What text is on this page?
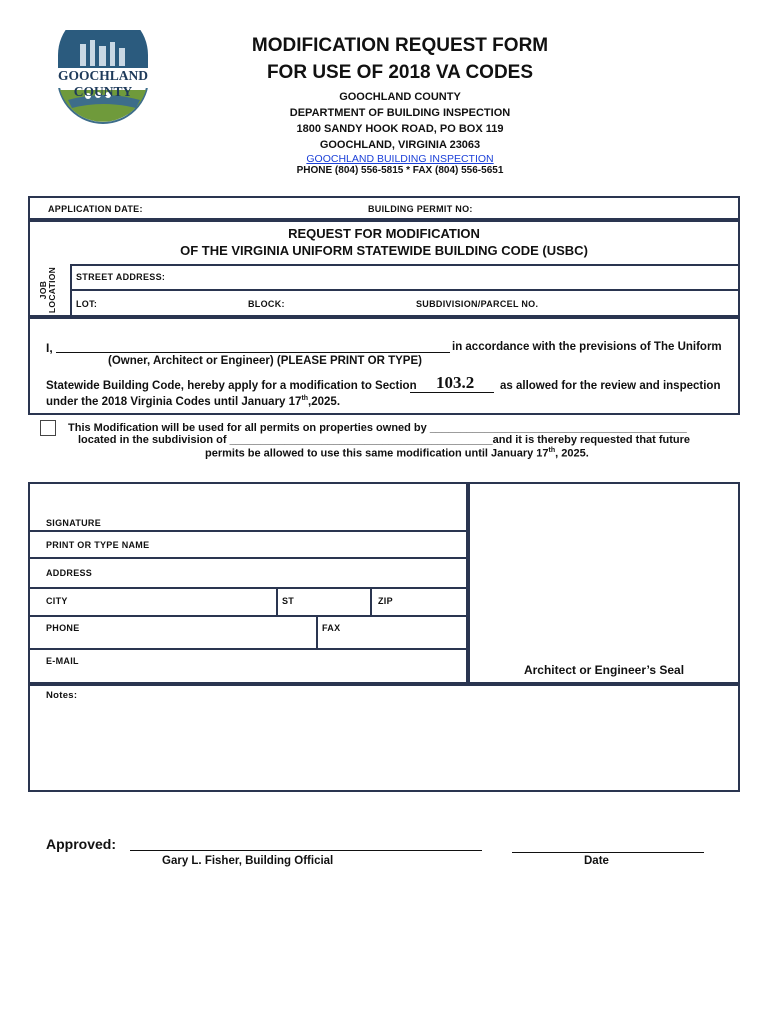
GOOCHLAND COUNTY
MODIFICATION REQUEST FORM
FOR USE OF 2018 VA CODES
GOOCHLAND COUNTY
DEPARTMENT OF BUILDING INSPECTION
1800 SANDY HOOK ROAD, PO BOX 119
GOOCHLAND, VIRGINIA 23063
GOOCHLAND BUILDING INSPECTION
PHONE (804) 556-5815 * FAX (804) 556-5651
APPLICATION DATE:	BUILDING PERMIT NO:
REQUEST FOR MODIFICATION
OF THE VIRGINIA UNIFORM STATEWIDE BUILDING CODE (USBC)
JOB LOCATION STREET ADDRESS:
LOT:	BLOCK:	SUBDIVISION/PARCEL NO.
I,	in accordance with the previsions of The Uniform
(Owner, Architect or Engineer) (PLEASE PRINT OR TYPE)
Statewide Building Code, hereby apply for a modification to Section 103.2 as allowed for the review and inspection
under the 2018 Virginia Codes until January 17th,2025.
This Modification will be used for all permits on properties owned by __________________________________________
located in the subdivision of ___________________________________________and it is thereby requested that future
permits be allowed to use this same modification until January 17th, 2025.
SIGNATURE
PRINT OR TYPE NAME
ADDRESS
CITY	ST	ZIP
PHONE	FAX
E-MAIL
Architect or Engineer’s Seal
Notes:
Approved:
Gary L. Fisher, Building Official	Date
